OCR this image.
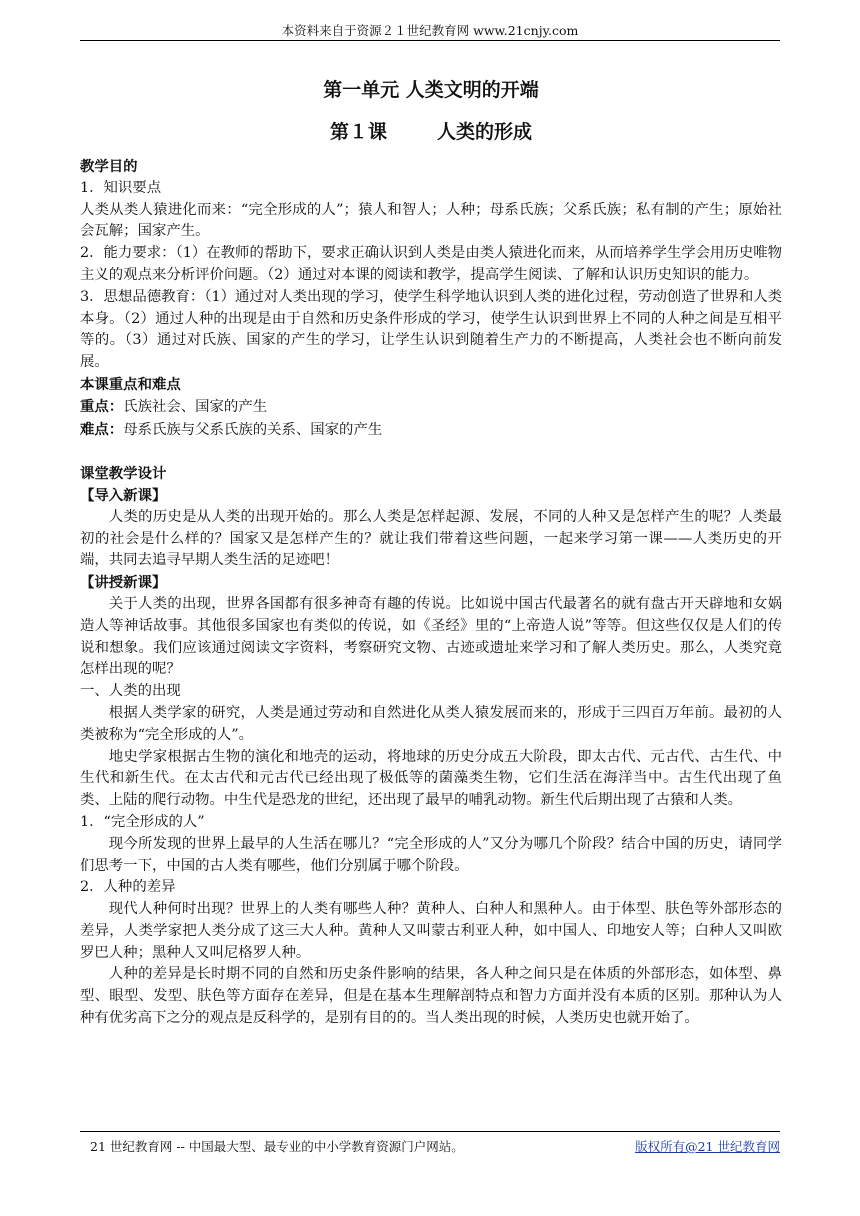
本资料来自于资源２１世纪教育网 www.21cnjy.com
第一单元 人类文明的开端
第１课	人类的形成

教学目的

1．知识要点

人类从类人猿进化而来：“完全形成的人”；猿人和智人；人种；母系氏族；父系氏族；私有制的产生；原始社会瓦解；国家产生。

2．能力要求：（1）在教师的帮助下，要求正确认识到人类是由类人猿进化而来，从而培养学生学会用历史唯物主义的观点来分析评价问题。（2）通过对本课的阅读和教学，提高学生阅读、了解和认识历史知识的能力。

3．思想品德教育：（1）通过对人类出现的学习，使学生科学地认识到人类的进化过程，劳动创造了世界和人类本身。（2）通过人种的出现是由于自然和历史条件形成的学习，使学生认识到世界上不同的人种之间是互相平等的。（3）通过对氏族、国家的产生的学习，让学生认识到随着生产力的不断提高，人类社会也不断向前发展。

本课重点和难点

重点：氏族社会、国家的产生

难点：母系氏族与父系氏族的关系、国家的产生

课堂教学设计

【导入新课】

人类的历史是从人类的出现开始的。那么人类是怎样起源、发展，不同的人种又是怎样产生的呢？人类最初的社会是什么样的？国家又是怎样产生的？就让我们带着这些问题，一起来学习第一课——人类历史的开端，共同去追寻早期人类生活的足迹吧！

【讲授新课】

关于人类的出现，世界各国都有很多神奇有趣的传说。比如说中国古代最著名的就有盘古开天辟地和女娲造人等神话故事。其他很多国家也有类似的传说，如《圣经》里的“上帝造人说”等等。但这些仅仅是人们的传说和想象。我们应该通过阅读文字资料，考察研究文物、古迹或遗址来学习和了解人类历史。那么，人类究竟怎样出现的呢？

一、人类的出现

根据人类学家的研究，人类是通过劳动和自然进化从类人猿发展而来的，形成于三四百万年前。最初的人类被称为“完全形成的人”。

地史学家根据古生物的演化和地壳的运动，将地球的历史分成五大阶段，即太古代、元古代、古生代、中生代和新生代。在太古代和元古代已经出现了极低等的菌藻类生物，它们生活在海洋当中。古生代出现了鱼类、上陆的爬行动物。中生代是恐龙的世纪，还出现了最早的哺乳动物。新生代后期出现了古猿和人类。

1．“完全形成的人”

现今所发现的世界上最早的人生活在哪儿？“完全形成的人”又分为哪几个阶段？结合中国的历史，请同学们思考一下，中国的古人类有哪些，他们分别属于哪个阶段。

2．人种的差异

现代人种何时出现？世界上的人类有哪些人种？黄种人、白种人和黑种人。由于体型、肤色等外部形态的差异，人类学家把人类分成了这三大人种。黄种人又叫蒙古利亚人种，如中国人、印地安人等；白种人又叫欧罗巴人种；黑种人又叫尼格罗人种。

人种的差异是长时期不同的自然和历史条件影响的结果，各人种之间只是在体质的外部形态，如体型、鼻型、眼型、发型、肤色等方面存在差异，但是在基本生理解剖特点和智力方面并没有本质的区别。那种认为人种有优劣高下之分的观点是反科学的，是别有目的的。当人类出现的时候，人类历史也就开始了。

21 世纪教育网 -- 中国最大型、最专业的中小学教育资源门户网站。	版权所有@21 世纪教育网
